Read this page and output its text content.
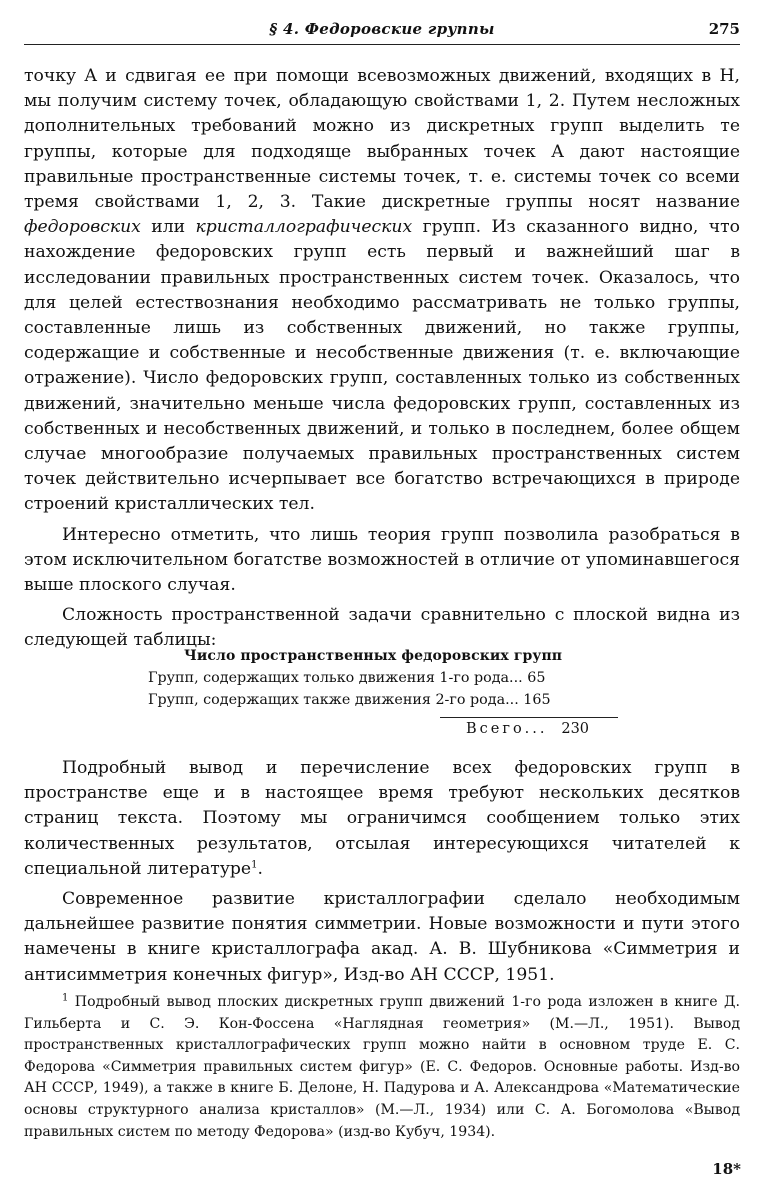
§ 4. Федоровские группы	275

точку A и сдвигая ее при помощи всевозможных движений, входящих в H, мы получим систему точек, обладающую свойствами 1, 2. Путем несложных дополнительных требований можно из дискретных групп выделить те группы, которые для подходяще выбранных точек A дают настоящие правильные пространственные системы точек, т. е. системы точек со всеми тремя свойствами 1, 2, 3. Такие дискретные группы носят название федоровских или кристаллографических групп. Из сказанного видно, что нахождение федоровских групп есть первый и важнейший шаг в исследовании правильных пространственных систем точек. Оказалось, что для целей естествознания необходимо рассматривать не только группы, составленные лишь из собственных движений, но также группы, содержащие и собственные и несобственные движения (т. е. включающие отражение). Число федоровских групп, составленных только из собственных движений, значительно меньше числа федоровских групп, составленных из собственных и несобственных движений, и только в последнем, более общем случае многообразие получаемых правильных пространственных систем точек действительно исчерпывает все богатство встречающихся в природе строений кристаллических тел.

Интересно отметить, что лишь теория групп позволила разобраться в этом исключительном богатстве возможностей в отличие от упоминавшегося выше плоского случая.

Сложность пространственной задачи сравнительно с плоской видна из следующей таблицы:

Число пространственных федоровских групп
Групп, содержащих только движения 1-го рода... 65
Групп, содержащих также движения 2-го рода... 165
Всего... 230

Подробный вывод и перечисление всех федоровских групп в пространстве еще и в настоящее время требуют нескольких десятков страниц текста. Поэтому мы ограничимся сообщением только этих количественных результатов, отсылая интересующихся читателей к специальной литературе$^1$.

Современное развитие кристаллографии сделало необходимым дальнейшее развитие понятия симметрии. Новые возможности и пути этого намечены в книге кристаллографа акад. А. В. Шубникова «Симметрия и антисимметрия конечных фигур», Изд-во АН СССР, 1951.

$^1$ Подробный вывод плоских дискретных групп движений 1-го рода изложен в книге Д. Гильберта и С. Э. Кон-Фоссена «Наглядная геометрия» (М.—Л., 1951). Вывод пространственных кристаллографических групп можно найти в основном труде Е. С. Федорова «Симметрия правильных систем фигур» (Е. С. Федоров. Основные работы. Изд-во АН СССР, 1949), а также в книге Б. Делоне, Н. Падурова и А. Александрова «Математические основы структурного анализа кристаллов» (М.—Л., 1934) или С. А. Богомолова «Вывод правильных систем по методу Федорова» (изд-во Кубуч, 1934).

18*
